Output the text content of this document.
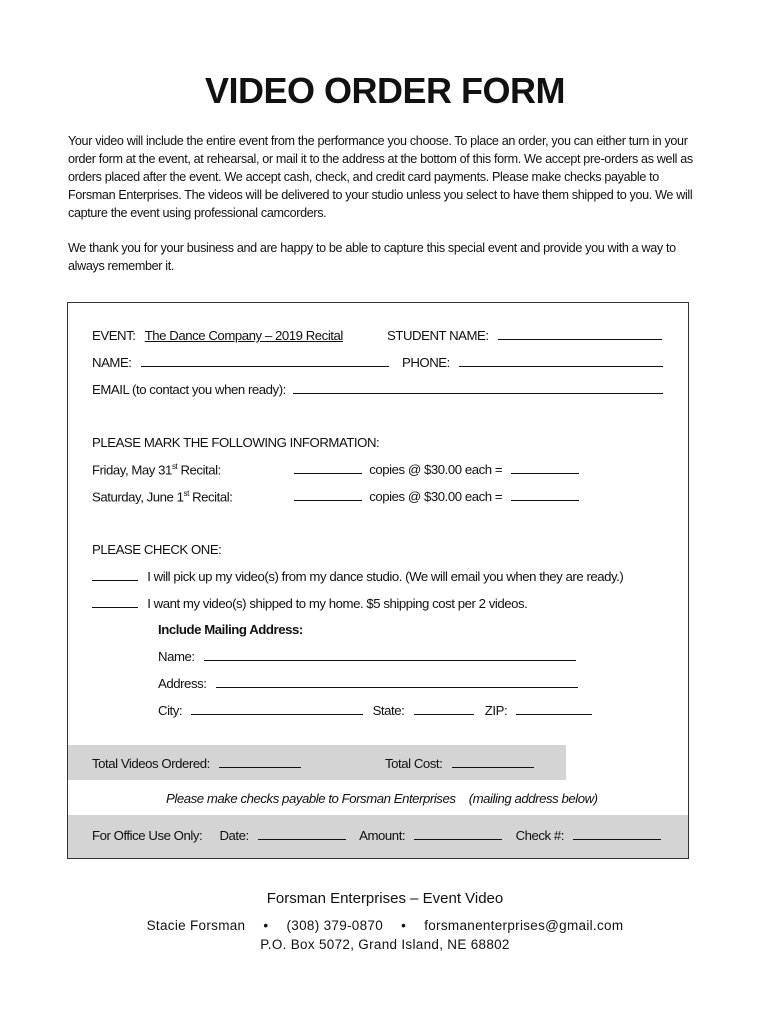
VIDEO ORDER FORM
Your video will include the entire event from the performance you choose. To place an order, you can either turn in your order form at the event, at rehearsal, or mail it to the address at the bottom of this form. We accept pre-orders as well as orders placed after the event. We accept cash, check, and credit card payments. Please make checks payable to Forsman Enterprises. The videos will be delivered to your studio unless you select to have them shipped to you. We will capture the event using professional camcorders.
We thank you for your business and are happy to be able to capture this special event and provide you with a way to always remember it.
EVENT: The Dance Company – 2019 Recital	STUDENT NAME:
NAME:	PHONE:
EMAIL (to contact you when ready):
PLEASE MARK THE FOLLOWING INFORMATION:
Friday, May 31st Recital:	copies @ $30.00 each =
Saturday, June 1st Recital:	copies @ $30.00 each =
PLEASE CHECK ONE:
I will pick up my video(s) from my dance studio. (We will email you when they are ready.)
I want my video(s) shipped to my home. $5 shipping cost per 2 videos.
Include Mailing Address:
Name:
Address:
City:	State:	ZIP:
Total Videos Ordered:	Total Cost:
Please make checks payable to Forsman Enterprises (mailing address below)
For Office Use Only: Date:	Amount:	Check #:
Forsman Enterprises – Event Video
Stacie Forsman • (308) 379-0870 • forsmanenterprises@gmail.com
P.O. Box 5072, Grand Island, NE 68802
